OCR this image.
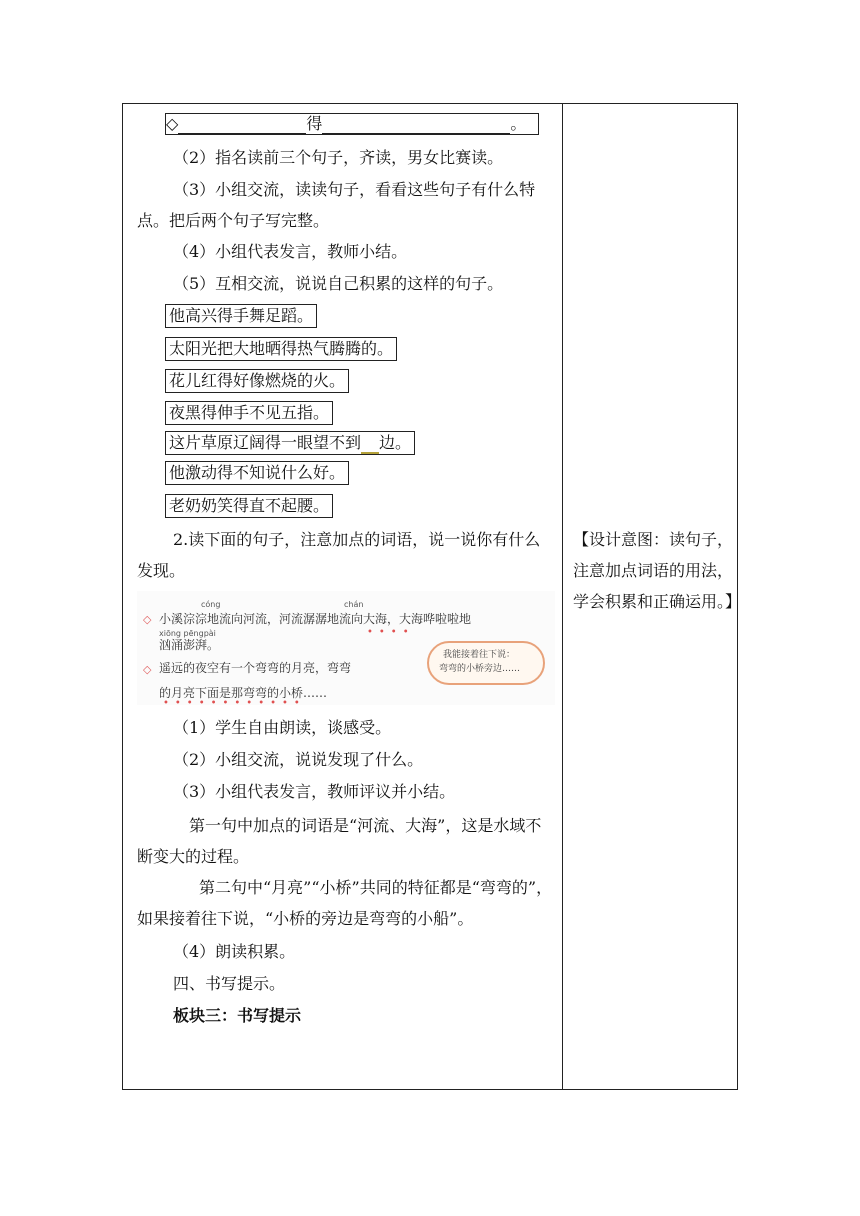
◇	得	。
（2）指名读前三个句子，齐读，男女比赛读。
（3）小组交流，读读句子，看看这些句子有什么特点。把后两个句子写完整。
（4）小组代表发言，教师小结。
（5）互相交流，说说自己积累的这样的句子。
他高兴得手舞足蹈。
太阳光把大地晒得热气腾腾的。
花儿红得好像燃烧的火。
夜黑得伸手不见五指。
这片草原辽阔得一眼望不到 边。
他激动得不知说什么好。
老奶奶笑得直不起腰。
2.读下面的句子，注意加点的词语，说一说你有什么发现。
cóng	chán
◇ 小溪淙淙地流向河流，河流潺潺地流向大海，大海哗啦啦地
••••
xiōng pēngpài
汹涌澎湃。
◇ 遥远的夜空有一个弯弯的月亮，弯弯
的月亮下面是那弯弯的小桥……
••••••••••••
我能接着往下说：
弯弯的小桥旁边……
（1）学生自由朗读，谈感受。
（2）小组交流，说说发现了什么。
（3）小组代表发言，教师评议并小结。
第一句中加点的词语是“河流、大海”，这是水域不断变大的过程。
第二句中“月亮”“小桥”共同的特征都是“弯弯的”，如果接着往下说，“小桥的旁边是弯弯的小船”。
（4）朗读积累。
四、书写提示。
板块三：书写提示
【设计意图：读句子，注意加点词语的用法，学会积累和正确运用。】
